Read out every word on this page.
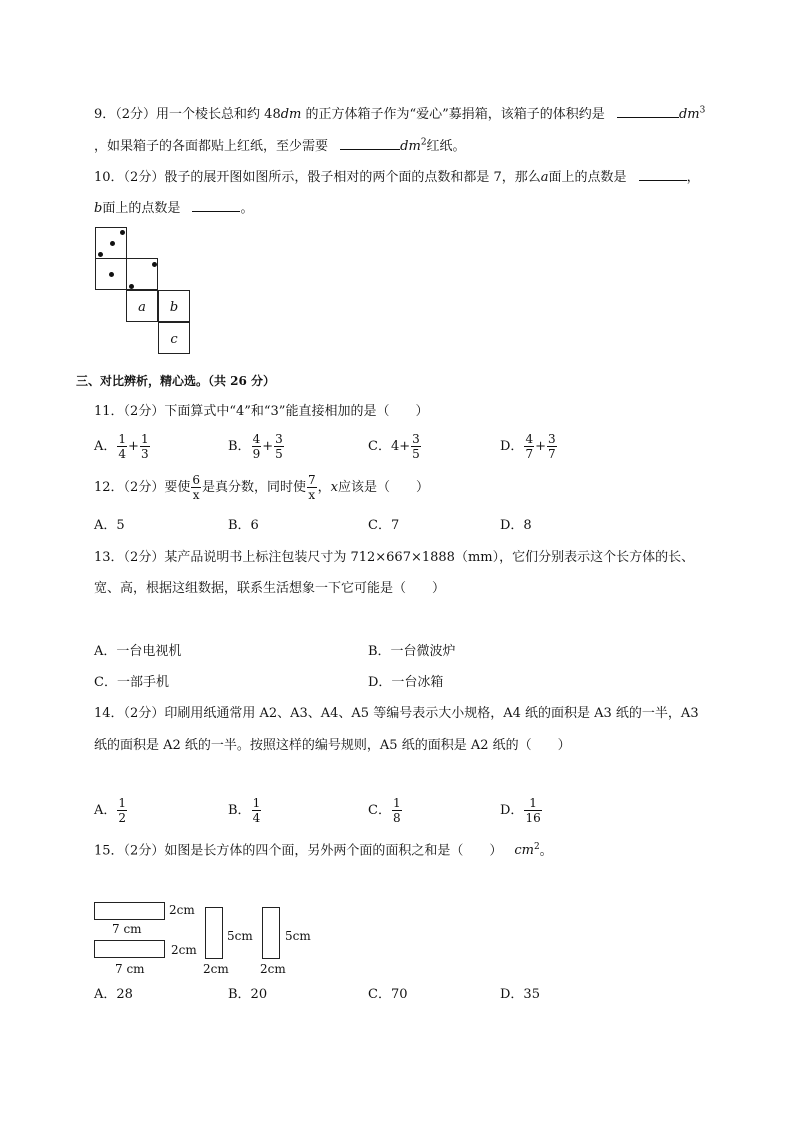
9．（2分）用一个棱长总和约 48dm 的正方体箱子作为“爱心”募捐箱，该箱子的体积约是	$dm^3$
，如果箱子的各面都贴上红纸，至少需要	$dm^2$红纸。
10．（2分）骰子的展开图如图所示，骰子相对的两个面的点数和都是 7，那么a面上的点数是	，
b面上的点数是	。
a	b
c
三、对比辨析，精心选。（共 26 分）
11．（2分）下面算式中“4”和“3”能直接相加的是（　　）
A． $\frac{1}{4} + \frac{1}{3}$	B． $\frac{4}{9} + \frac{3}{5}$	C．$4+ \frac{3}{5}$	D． $\frac{4}{7} + \frac{3}{7}$
12．（2分）要使 $\frac{6}{x}$ 是真分数，同时使 $\frac{7}{x}$ ，x应该是（　　）
A．5	B．6	C．7	D．8
13．（2分）某产品说明书上标注包装尺寸为 712×667×1888（mm），它们分别表示这个长方体的长、
宽、高，根据这组数据，联系生活想象一下它可能是（　　）
A．一台电视机	B．一台微波炉
C．一部手机	D．一台冰箱
14．（2分）印刷用纸通常用 A2、A3、A4、A5 等编号表示大小规格，A4 纸的面积是 A3 纸的一半，A3
纸的面积是 A2 纸的一半。按照这样的编号规则，A5 纸的面积是 A2 纸的（　　）
A． $\frac{1}{2}$	B． $\frac{1}{4}$	C． $\frac{1}{8}$	D． $\frac{1}{16}$
15．（2分）如图是长方体的四个面，另外两个面的面积之和是（　　） $cm^2$。
2cm
7 cm
2cm
7 cm
5cm
2cm
5cm
2cm
A．28	B．20	C．70	D．35
